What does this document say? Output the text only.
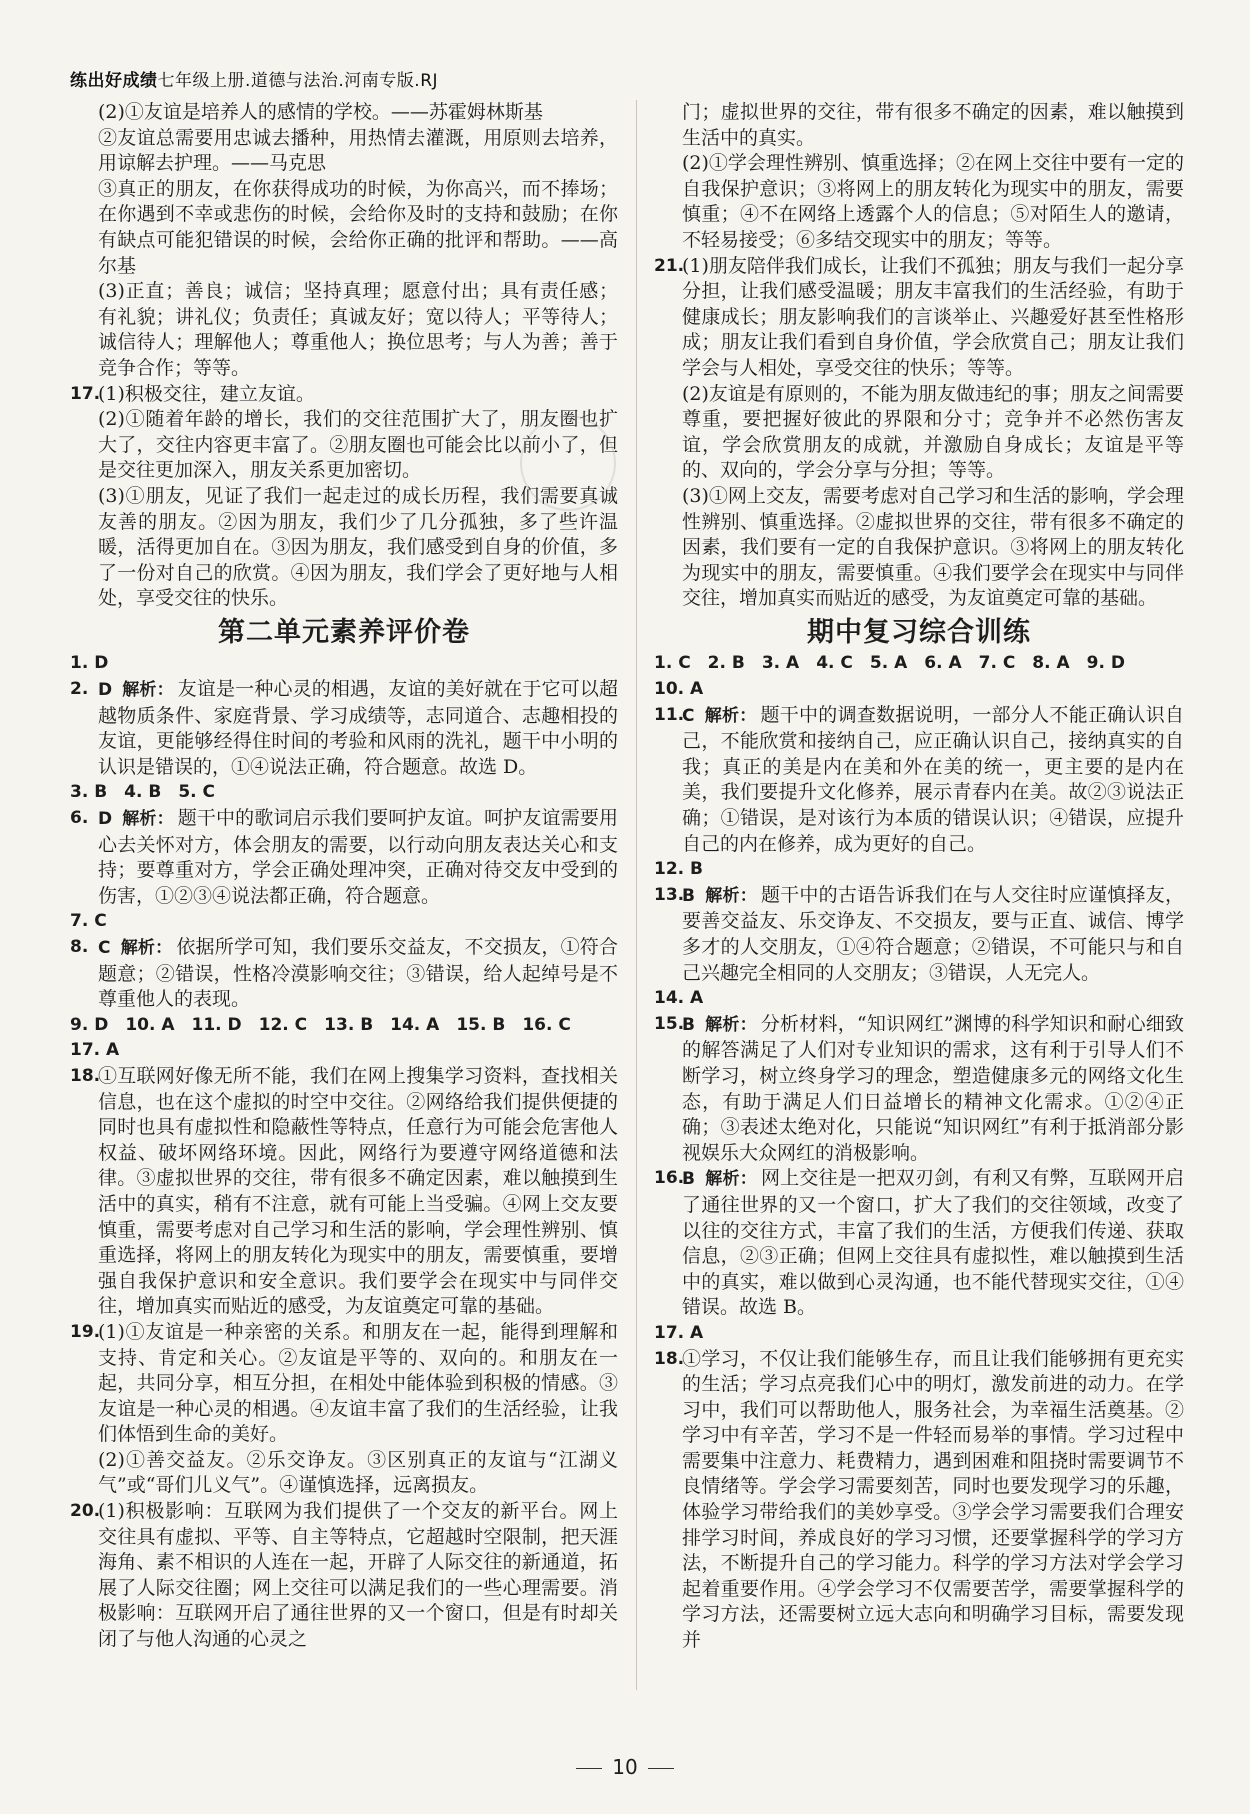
练出好成绩七年级上册.道德与法治.河南专版.RJ

(2)①友谊是培养人的感情的学校。——苏霍姆林斯基

②友谊总需要用忠诚去播种，用热情去灌溉，用原则去培养，用谅解去护理。——马克思

③真正的朋友，在你获得成功的时候，为你高兴，而不捧场；在你遇到不幸或悲伤的时候，会给你及时的支持和鼓励；在你有缺点可能犯错误的时候，会给你正确的批评和帮助。——高尔基

(3)正直；善良；诚信；坚持真理；愿意付出；具有责任感；有礼貌；讲礼仪；负责任；真诚友好；宽以待人；平等待人；诚信待人；理解他人；尊重他人；换位思考；与人为善；善于竞争合作；等等。

17.
(1)积极交往，建立友谊。
(2)①随着年龄的增长，我们的交往范围扩大了，朋友圈也扩大了，交往内容更丰富了。②朋友圈也可能会比以前小了，但是交往更加深入，朋友关系更加密切。
(3)①朋友，见证了我们一起走过的成长历程，我们需要真诚友善的朋友。②因为朋友，我们少了几分孤独，多了些许温暖，活得更加自在。③因为朋友，我们感受到自身的价值，多了一份对自己的欣赏。④因为朋友，我们学会了更好地与人相处，享受交往的快乐。
第二单元素养评价卷

1. D

2. D 解析： 友谊是一种心灵的相遇，友谊的美好就在于它可以超越物质条件、家庭背景、学习成绩等，志同道合、志趣相投的友谊，更能够经得住时间的考验和风雨的洗礼，题干中小明的认识是错误的，①④说法正确，符合题意。故选 D。

3. B　4. B　5. C

6. D 解析： 题干中的歌词启示我们要呵护友谊。呵护友谊需要用心去关怀对方，体会朋友的需要，以行动向朋友表达关心和支持；要尊重对方，学会正确处理冲突，正确对待交友中受到的伤害，①②③④说法都正确，符合题意。

7. C

8. C 解析： 依据所学可知，我们要乐交益友，不交损友，①符合题意；②错误，性格冷漠影响交往；③错误，给人起绰号是不尊重他人的表现。

9. D　10. A　11. D　12. C　13. B　14. A　15. B　16. C

17. A

18.
①互联网好像无所不能，我们在网上搜集学习资料，查找相关信息，也在这个虚拟的时空中交往。②网络给我们提供便捷的同时也具有虚拟性和隐蔽性等特点，任意行为可能会危害他人权益、破坏网络环境。因此，网络行为要遵守网络道德和法律。③虚拟世界的交往，带有很多不确定因素，难以触摸到生活中的真实，稍有不注意，就有可能上当受骗。④网上交友要慎重，需要考虑对自己学习和生活的影响，学会理性辨别、慎重选择，将网上的朋友转化为现实中的朋友，需要慎重，要增强自我保护意识和安全意识。我们要学会在现实中与同伴交往，增加真实而贴近的感受，为友谊奠定可靠的基础。
19.
(1)①友谊是一种亲密的关系。和朋友在一起，能得到理解和支持、肯定和关心。②友谊是平等的、双向的。和朋友在一起，共同分享，相互分担，在相处中能体验到积极的情感。③友谊是一种心灵的相遇。④友谊丰富了我们的生活经验，让我们体悟到生命的美好。
(2)①善交益友。②乐交诤友。③区别真正的友谊与“江湖义气”或“哥们儿义气”。④谨慎选择，远离损友。
20.
(1)积极影响：互联网为我们提供了一个交友的新平台。网上交往具有虚拟、平等、自主等特点，它超越时空限制，把天涯海角、素不相识的人连在一起，开辟了人际交往的新通道，拓展了人际交往圈；网上交往可以满足我们的一些心理需要。消极影响：互联网开启了通往世界的又一个窗口，但是有时却关闭了与他人沟通的心灵之

门；虚拟世界的交往，带有很多不确定的因素，难以触摸到生活中的真实。

(2)①学会理性辨别、慎重选择；②在网上交往中要有一定的自我保护意识；③将网上的朋友转化为现实中的朋友，需要慎重；④不在网络上透露个人的信息；⑤对陌生人的邀请，不轻易接受；⑥多结交现实中的朋友；等等。

21.
(1)朋友陪伴我们成长，让我们不孤独；朋友与我们一起分享分担，让我们感受温暖；朋友丰富我们的生活经验，有助于健康成长；朋友影响我们的言谈举止、兴趣爱好甚至性格形成；朋友让我们看到自身价值，学会欣赏自己；朋友让我们学会与人相处，享受交往的快乐；等等。
(2)友谊是有原则的，不能为朋友做违纪的事；朋友之间需要尊重，要把握好彼此的界限和分寸；竞争并不必然伤害友谊，学会欣赏朋友的成就，并激励自身成长；友谊是平等的、双向的，学会分享与分担；等等。
(3)①网上交友，需要考虑对自己学习和生活的影响，学会理性辨别、慎重选择。②虚拟世界的交往，带有很多不确定的因素，我们要有一定的自我保护意识。③将网上的朋友转化为现实中的朋友，需要慎重。④我们要学会在现实中与同伴交往，增加真实而贴近的感受，为友谊奠定可靠的基础。
期中复习综合训练

1. C　2. B　3. A　4. C　5. A　6. A　7. C　8. A　9. D

10. A

11.
C 解析： 题干中的调查数据说明，一部分人不能正确认识自己，不能欣赏和接纳自己，应正确认识自己，接纳真实的自我；真正的美是内在美和外在美的统一，更主要的是内在美，我们要提升文化修养，展示青春内在美。故②③说法正确；①错误，是对该行为本质的错误认识；④错误，应提升自己的内在修养，成为更好的自己。

12. B

13.
B 解析： 题干中的古语告诉我们在与人交往时应谨慎择友，要善交益友、乐交诤友、不交损友，要与正直、诚信、博学多才的人交朋友，①④符合题意；②错误，不可能只与和自己兴趣完全相同的人交朋友；③错误，人无完人。

14. A

15.
B 解析： 分析材料，“知识网红”渊博的科学知识和耐心细致的解答满足了人们对专业知识的需求，这有利于引导人们不断学习，树立终身学习的理念，塑造健康多元的网络文化生态，有助于满足人们日益增长的精神文化需求。①②④正确；③表述太绝对化，只能说“知识网红”有利于抵消部分影视娱乐大众网红的消极影响。
16.
B 解析： 网上交往是一把双刃剑，有利又有弊，互联网开启了通往世界的又一个窗口，扩大了我们的交往领域，改变了以往的交往方式，丰富了我们的生活，方便我们传递、获取信息，②③正确；但网上交往具有虚拟性，难以触摸到生活中的真实，难以做到心灵沟通，也不能代替现实交往，①④错误。故选 B。

17. A

18.
①学习，不仅让我们能够生存，而且让我们能够拥有更充实的生活；学习点亮我们心中的明灯，激发前进的动力。在学习中，我们可以帮助他人，服务社会，为幸福生活奠基。②学习中有辛苦，学习不是一件轻而易举的事情。学习过程中需要集中注意力、耗费精力，遇到困难和阻挠时需要调节不良情绪等。学会学习需要刻苦，同时也要发现学习的乐趣，体验学习带给我们的美妙享受。③学会学习需要我们合理安排学习时间，养成良好的学习习惯，还要掌握科学的学习方法，不断提升自己的学习能力。科学的学习方法对学会学习起着重要作用。④学会学习不仅需要苦学，需要掌握科学的学习方法，还需要树立远大志向和明确学习目标，需要发现并
10
